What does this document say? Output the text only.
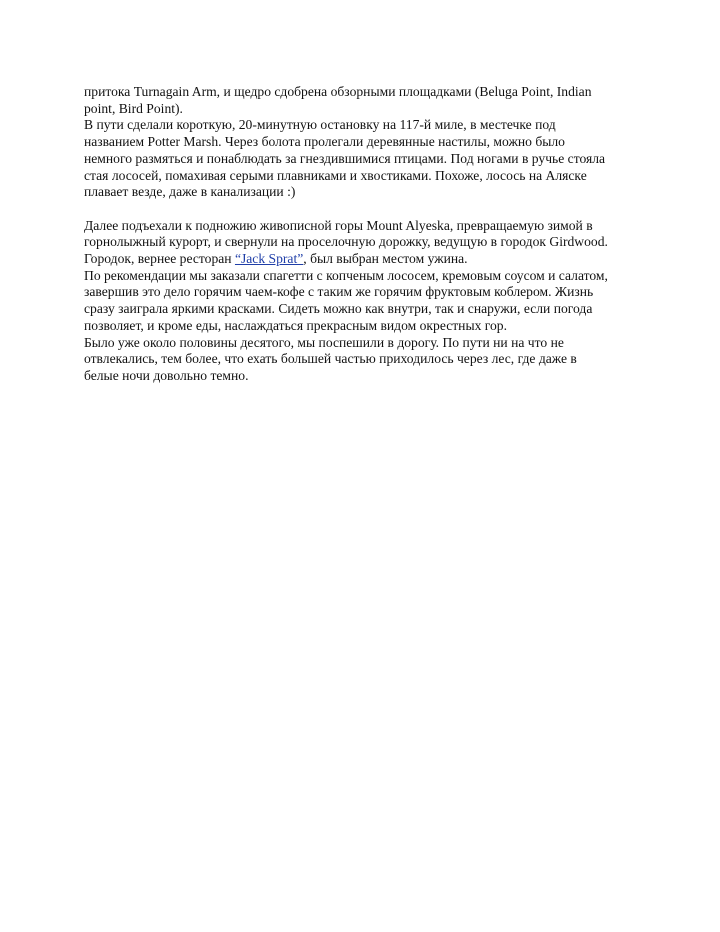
притока Turnagain Arm, и щедро сдобрена обзорными площадками (Beluga Point, Indian
point, Bird Point).
В пути сделали короткую, 20-минутную остановку на 117-й миле, в местечке под
названием Potter Marsh. Через болота пролегали деревянные настилы, можно было
немного размяться и понаблюдать за гнездившимися птицами. Под ногами в ручье стояла
стая лососей, помахивая серыми плавниками и хвостиками. Похоже, лосось на Аляске
плавает везде, даже в канализации :)
Далее подъехали к подножию живописной горы Mount Alyeska, превращаемую зимой в
горнолыжный курорт, и свернули на проселочную дорожку, ведущую в городок Girdwood.
Городок, вернее ресторан “Jack Sprat”, был выбран местом ужина.
По рекомендации мы заказали спагетти с копченым лососем, кремовым соусом и салатом,
завершив это дело горячим чаем-кофе с таким же горячим фруктовым коблером. Жизнь
сразу заиграла яркими красками. Сидеть можно как внутри, так и снаружи, если погода
позволяет, и кроме еды, наслаждаться прекрасным видом окрестных гор.
Было уже около половины десятого, мы поспешили в дорогу. По пути ни на что не
отвлекались, тем более, что ехать большей частью приходилось через лес, где даже в
белые ночи довольно темно.
